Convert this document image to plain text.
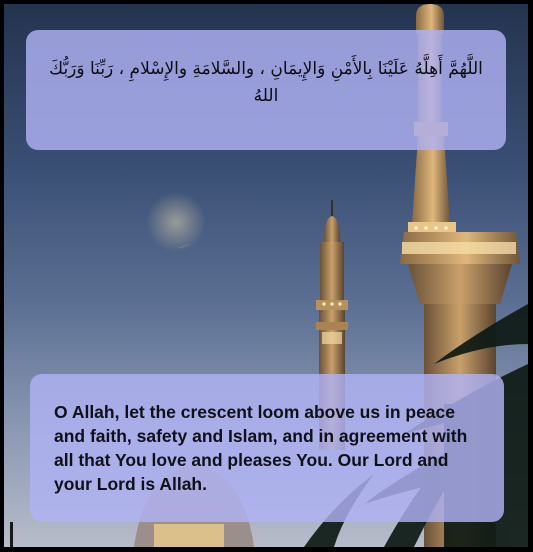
اللَّهُمَّ أَهِلَّهُ عَلَيْنَا بِالأَمْنِ وَالإِيمَانِ ، والسَّلامَةِ والإِسْلامِ ، رَبِّنَا وَرَبُّكَ اللهُ
O Allah, let the crescent loom above us in peace and faith, safety and Islam, and in agreement with all that You love and pleases You. Our Lord and your Lord is Allah.
